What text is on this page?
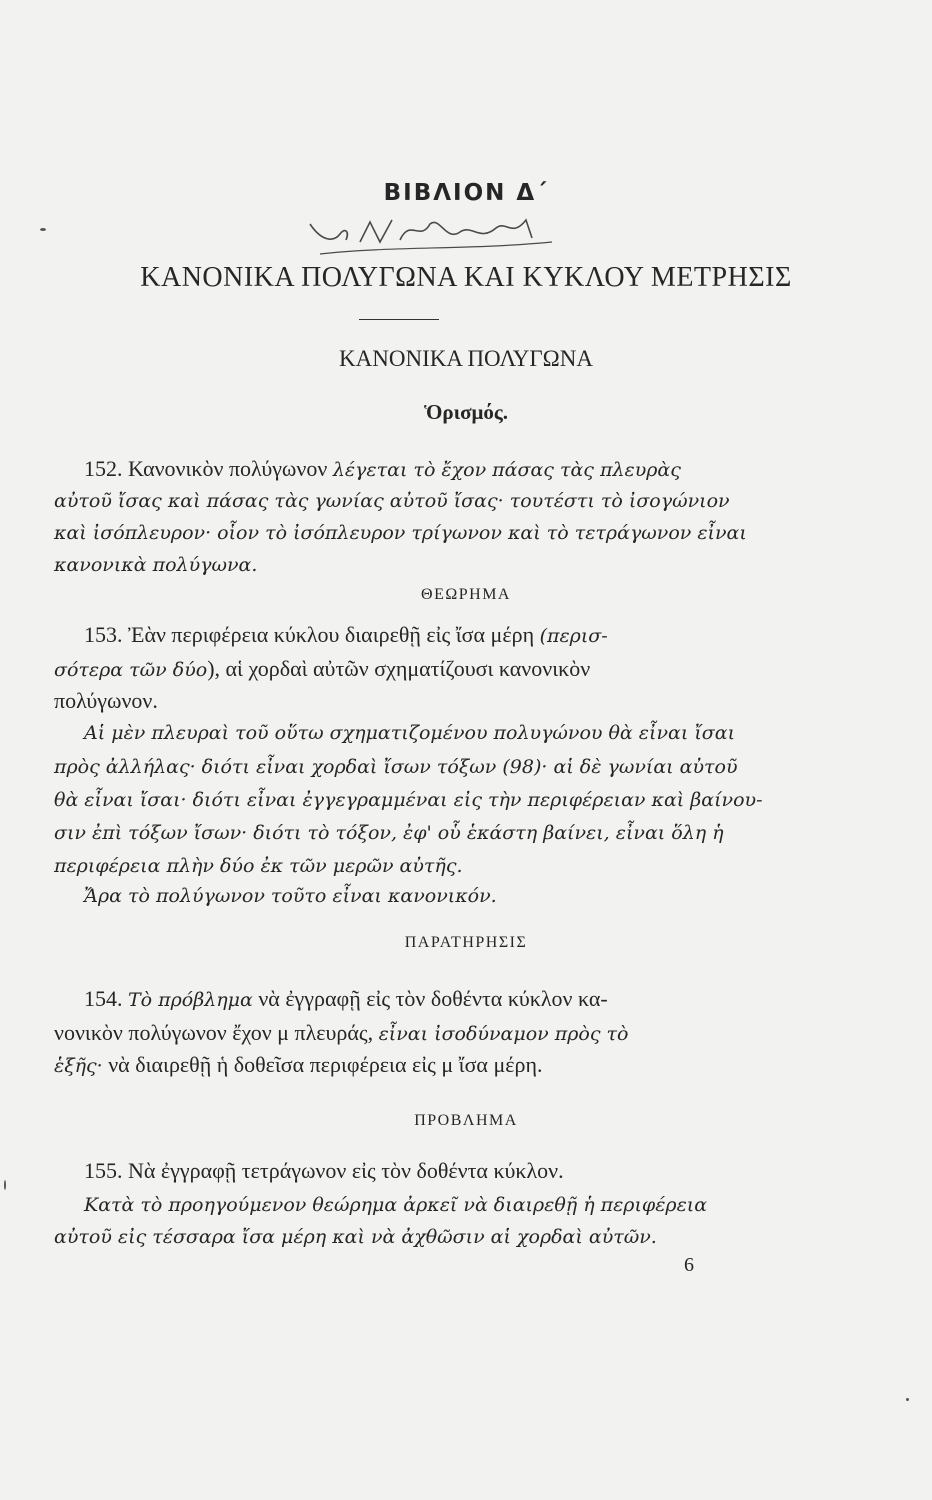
ΒΙΒΛΙΟΝ Δ΄
ΚΑΝΟΝΙΚΑ ΠΟΛΥΓΩΝΑ ΚΑΙ ΚΥΚΛΟΥ ΜΕΤΡΗΣΙΣ
ΚΑΝΟΝΙΚΑ ΠΟΛΥΓΩΝΑ
Ὁρισμός.
152. Κανονικὸν πολύγωνον λέγεται τὸ ἔχον πάσας τὰς πλευρὰς
αὐτοῦ ἴσας καὶ πάσας τὰς γωνίας αὐτοῦ ἴσας· τουτέστι τὸ ἰσογώνιον
καὶ ἰσόπλευρον· οἷον τὸ ἰσόπλευρον τρίγωνον καὶ τὸ τετράγωνον εἶναι
κανονικὰ πολύγωνα.
ΘΕΩΡΗΜΑ
153. Ἐὰν περιφέρεια κύκλου διαιρεθῇ εἰς ἴσα μέρη (περισ-
σότερα τῶν δύο), αἱ χορδαὶ αὐτῶν σχηματίζουσι κανονικὸν
πολύγωνον.
Αἱ μὲν πλευραὶ τοῦ οὕτω σχηματιζομένου πολυγώνου θὰ εἶναι ἴσαι
πρὸς ἀλλήλας· διότι εἶναι χορδαὶ ἴσων τόξων (98)· αἱ δὲ γωνίαι αὐτοῦ
θὰ εἶναι ἴσαι· διότι εἶναι ἐγγεγραμμέναι εἰς τὴν περιφέρειαν καὶ βαίνου-
σιν ἐπὶ τόξων ἴσων· διότι τὸ τόξον, ἐφ' οὗ ἑκάστη βαίνει, εἶναι ὅλη ἡ
περιφέρεια πλὴν δύο ἐκ τῶν μερῶν αὐτῆς.
Ἄρα τὸ πολύγωνον τοῦτο εἶναι κανονικόν.
ΠΑΡΑΤΗΡΗΣΙΣ
154. Τὸ πρόβλημα νὰ ἐγγραφῇ εἰς τὸν δοθέντα κύκλον κα-
νονικὸν πολύγωνον ἔχον μ πλευράς, εἶναι ἰσοδύναμον πρὸς τὸ
ἑξῆς· νὰ διαιρεθῇ ἡ δοθεῖσα περιφέρεια εἰς μ ἴσα μέρη.
ΠΡΟΒΛΗΜΑ
155. Νὰ ἐγγραφῇ τετράγωνον εἰς τὸν δοθέντα κύκλον.
Κατὰ τὸ προηγούμενον θεώρημα ἀρκεῖ νὰ διαιρεθῇ ἡ περιφέρεια
αὐτοῦ εἰς τέσσαρα ἴσα μέρη καὶ νὰ ἀχθῶσιν αἱ χορδαὶ αὐτῶν.
6
